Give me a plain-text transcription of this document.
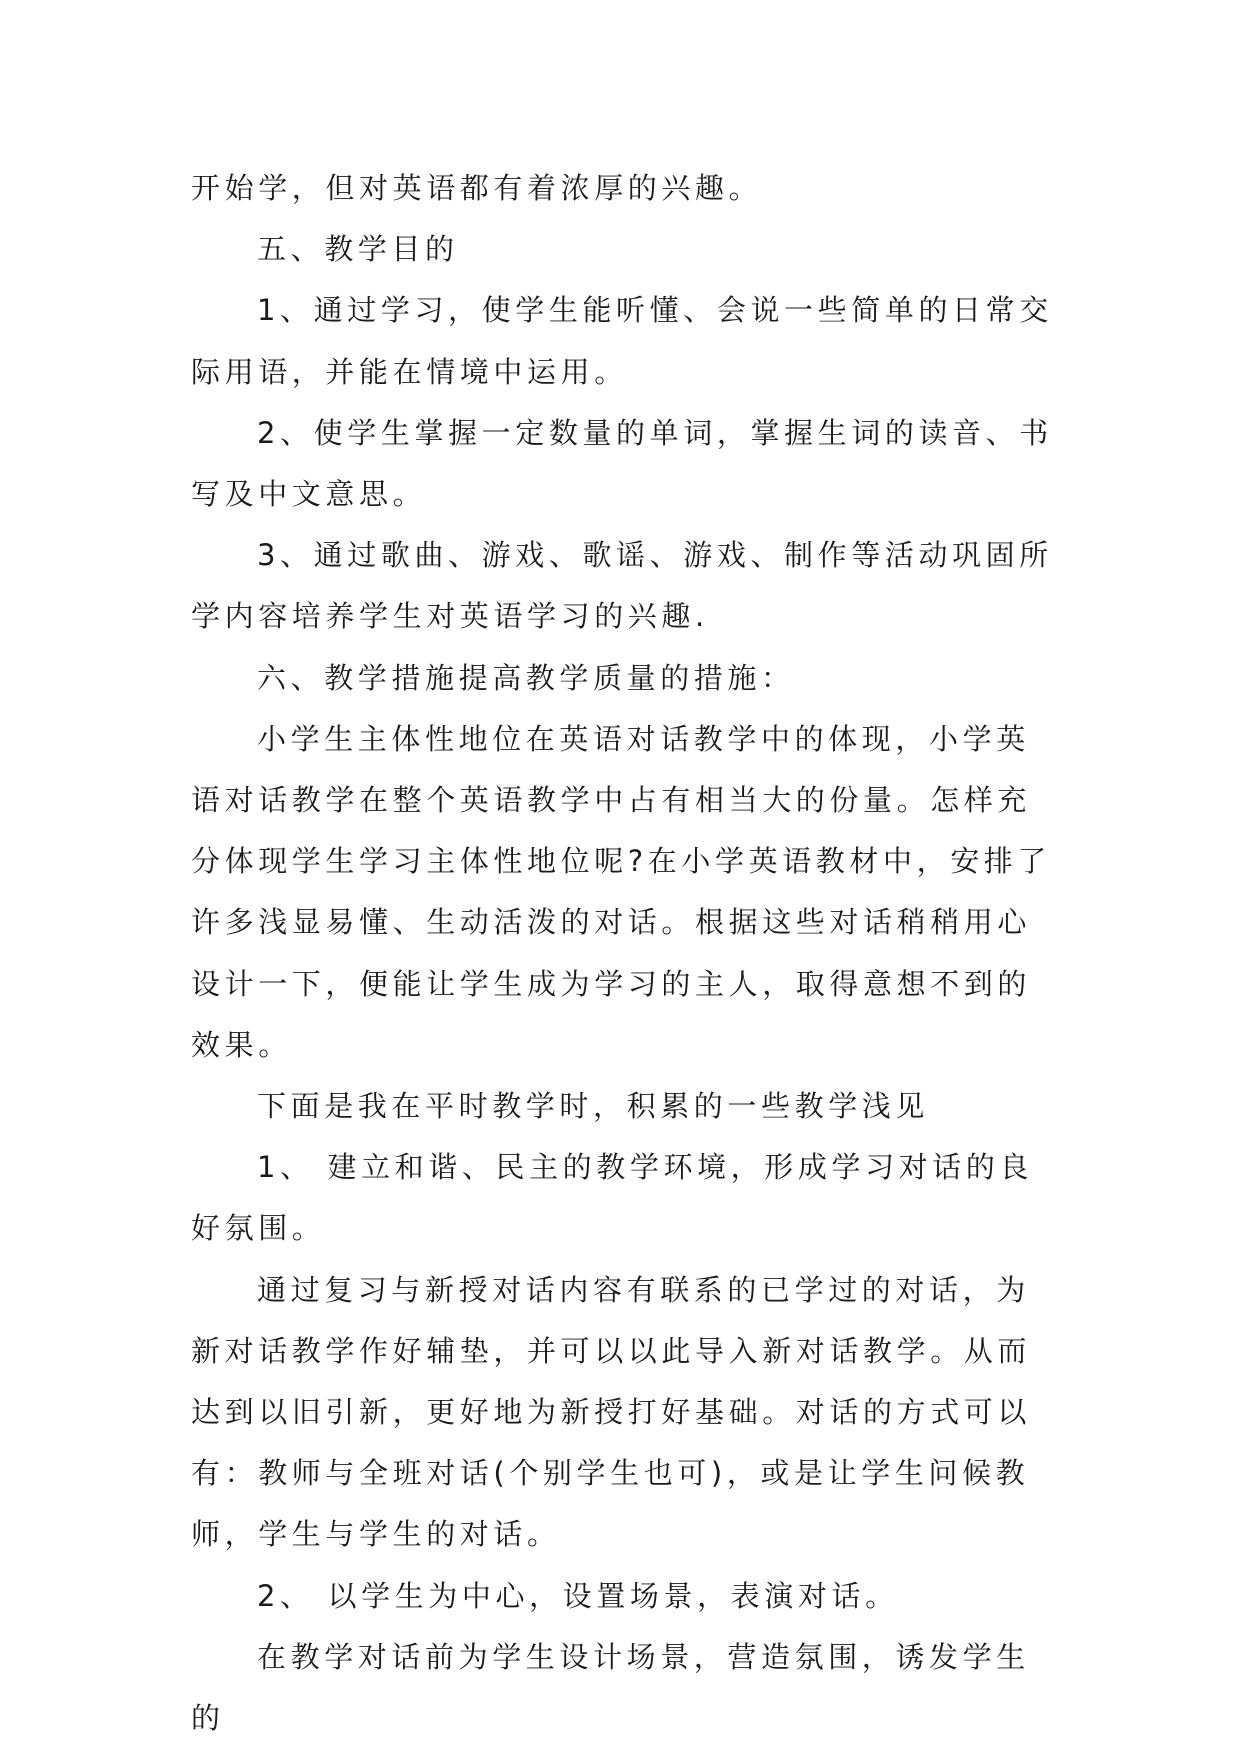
开始学，但对英语都有着浓厚的兴趣。

五、教学目的

1、通过学习，使学生能听懂、会说一些简单的日常交际用语，并能在情境中运用。

2、使学生掌握一定数量的单词，掌握生词的读音、书写及中文意思。

3、通过歌曲、游戏、歌谣、游戏、制作等活动巩固所学内容培养学生对英语学习的兴趣.

六、教学措施提高教学质量的措施：

小学生主体性地位在英语对话教学中的体现，小学英语对话教学在整个英语教学中占有相当大的份量。怎样充分体现学生学习主体性地位呢?在小学英语教材中，安排了许多浅显易懂、生动活泼的对话。根据这些对话稍稍用心设计一下，便能让学生成为学习的主人，取得意想不到的效果。

下面是我在平时教学时，积累的一些教学浅见

1、 建立和谐、民主的教学环境，形成学习对话的良好氛围。

通过复习与新授对话内容有联系的已学过的对话，为新对话教学作好辅垫，并可以以此导入新对话教学。从而达到以旧引新，更好地为新授打好基础。对话的方式可以有：教师与全班对话(个别学生也可)，或是让学生问候教师，学生与学生的对话。

2、 以学生为中心，设置场景，表演对话。

在教学对话前为学生设计场景，营造氛围，诱发学生的
